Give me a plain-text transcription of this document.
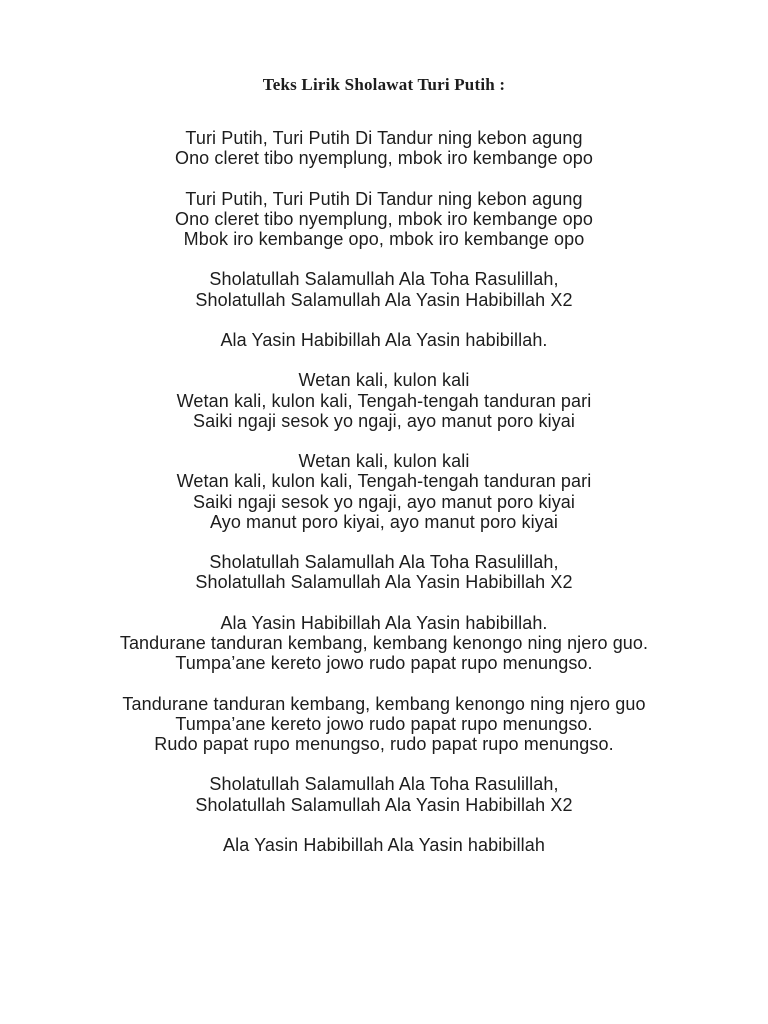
Teks Lirik Sholawat Turi Putih :

Turi Putih, Turi Putih Di Tandur ning kebon agung
Ono cleret tibo nyemplung, mbok iro kembange opo

Turi Putih, Turi Putih Di Tandur ning kebon agung
Ono cleret tibo nyemplung, mbok iro kembange opo
Mbok iro kembange opo, mbok iro kembange opo

Sholatullah Salamullah Ala Toha Rasulillah,
Sholatullah Salamullah Ala Yasin Habibillah X2

Ala Yasin Habibillah Ala Yasin habibillah.

Wetan kali, kulon kali
Wetan kali, kulon kali, Tengah-tengah tanduran pari
Saiki ngaji sesok yo ngaji, ayo manut poro kiyai

Wetan kali, kulon kali
Wetan kali, kulon kali, Tengah-tengah tanduran pari
Saiki ngaji sesok yo ngaji, ayo manut poro kiyai
Ayo manut poro kiyai, ayo manut poro kiyai

Sholatullah Salamullah Ala Toha Rasulillah,
Sholatullah Salamullah Ala Yasin Habibillah X2

Ala Yasin Habibillah Ala Yasin habibillah.
Tandurane tanduran kembang, kembang kenongo ning njero guo.
Tumpa’ane kereto jowo rudo papat rupo menungso.

Tandurane tanduran kembang, kembang kenongo ning njero guo
Tumpa’ane kereto jowo rudo papat rupo menungso.
Rudo papat rupo menungso, rudo papat rupo menungso.

Sholatullah Salamullah Ala Toha Rasulillah,
Sholatullah Salamullah Ala Yasin Habibillah X2

Ala Yasin Habibillah Ala Yasin habibillah
